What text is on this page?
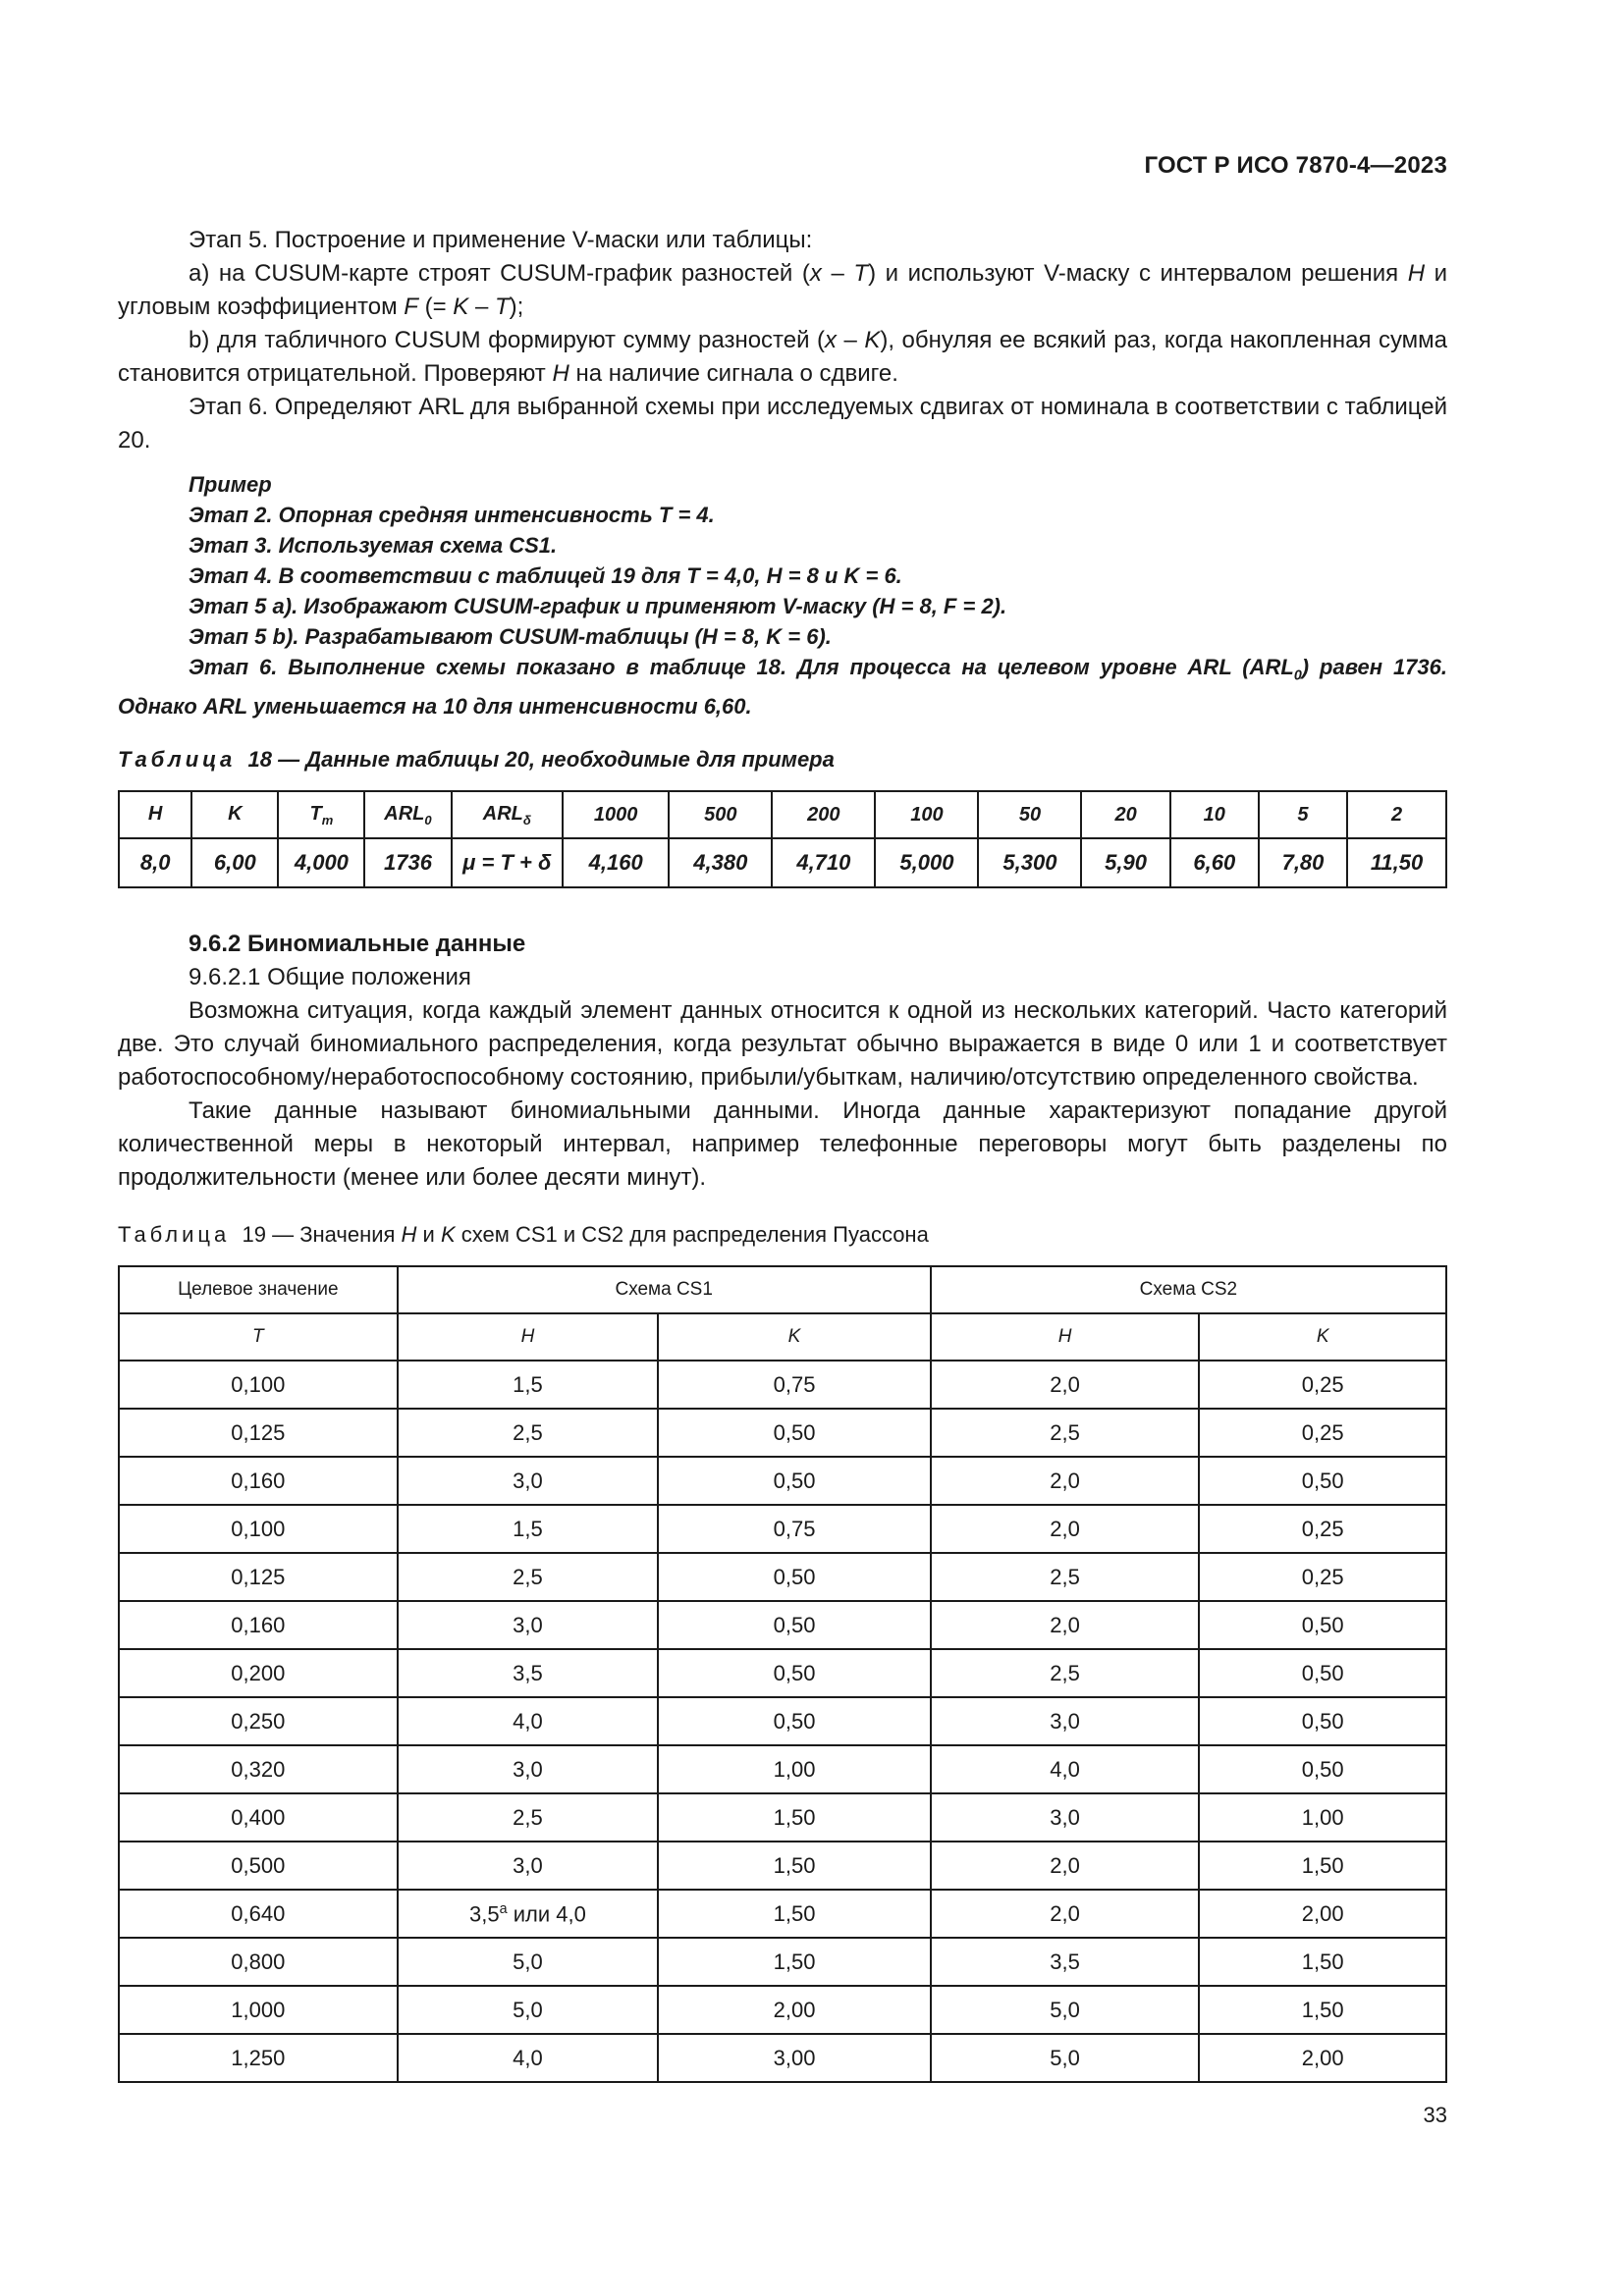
ГОСТ Р ИСО 7870-4—2023

Этап 5. Построение и применение V-маски или таблицы:

а) на CUSUM-карте строят CUSUM-график разностей (x – T) и используют V-маску с интервалом решения H и угловым коэффициентом F (= K – T);

b) для табличного CUSUM формируют сумму разностей (x – K), обнуляя ее всякий раз, когда накопленная сумма становится отрицательной. Проверяют H на наличие сигнала о сдвиге.

Этап 6. Определяют ARL для выбранной схемы при исследуемых сдвигах от номинала в соответствии с таблицей 20.

Пример

Этап 2. Опорная средняя интенсивность T = 4.

Этап 3. Используемая схема CS1.

Этап 4. В соответствии с таблицей 19 для T = 4,0, H = 8 и K = 6.

Этап 5 а). Изображают CUSUM-график и применяют V-маску (H = 8, F = 2).

Этап 5 b). Разрабатывают CUSUM-таблицы (H = 8, K = 6).

Этап 6. Выполнение схемы показано в таблице 18. Для процесса на целевом уровне ARL $(ARL_0)$ равен 1736. Однако ARL уменьшается на 10 для интенсивности 6,60.

Таблица 18 — Данные таблицы 20, необходимые для примера

H	K	$T_m$	$ARL_0$	$ARL_\delta$	1000	500	200	100	50	20	10	5	2
8,0	6,00	4,000	1736	μ = T + δ	4,160	4,380	4,710	5,000	5,300	5,90	6,60	7,80	11,50

9.6.2 Биномиальные данные

9.6.2.1 Общие положения

Возможна ситуация, когда каждый элемент данных относится к одной из нескольких категорий. Часто категорий две. Это случай биномиального распределения, когда результат обычно выражается в виде 0 или 1 и соответствует работоспособному/неработоспособному состоянию, прибыли/убыткам, наличию/отсутствию определенного свойства.

Такие данные называют биномиальными данными. Иногда данные характеризуют попадание другой количественной меры в некоторый интервал, например телефонные переговоры могут быть разделены по продолжительности (менее или более десяти минут).

Таблица 19 — Значения H и K схем CS1 и CS2 для распределения Пуассона

Целевое значение	Схема CS1		Схема CS2	
T	H	K	H	K
0,100	1,5	0,75	2,0	0,25
0,125	2,5	0,50	2,5	0,25
0,160	3,0	0,50	2,0	0,50
0,100	1,5	0,75	2,0	0,25
0,125	2,5	0,50	2,5	0,25
0,160	3,0	0,50	2,0	0,50
0,200	3,5	0,50	2,5	0,50
0,250	4,0	0,50	3,0	0,50
0,320	3,0	1,00	4,0	0,50
0,400	2,5	1,50	3,0	1,00
0,500	3,0	1,50	2,0	1,50
0,640	$3,5^а$ или 4,0	1,50	2,0	2,00
0,800	5,0	1,50	3,5	1,50
1,000	5,0	2,00	5,0	1,50
1,250	4,0	3,00	5,0	2,00
33
